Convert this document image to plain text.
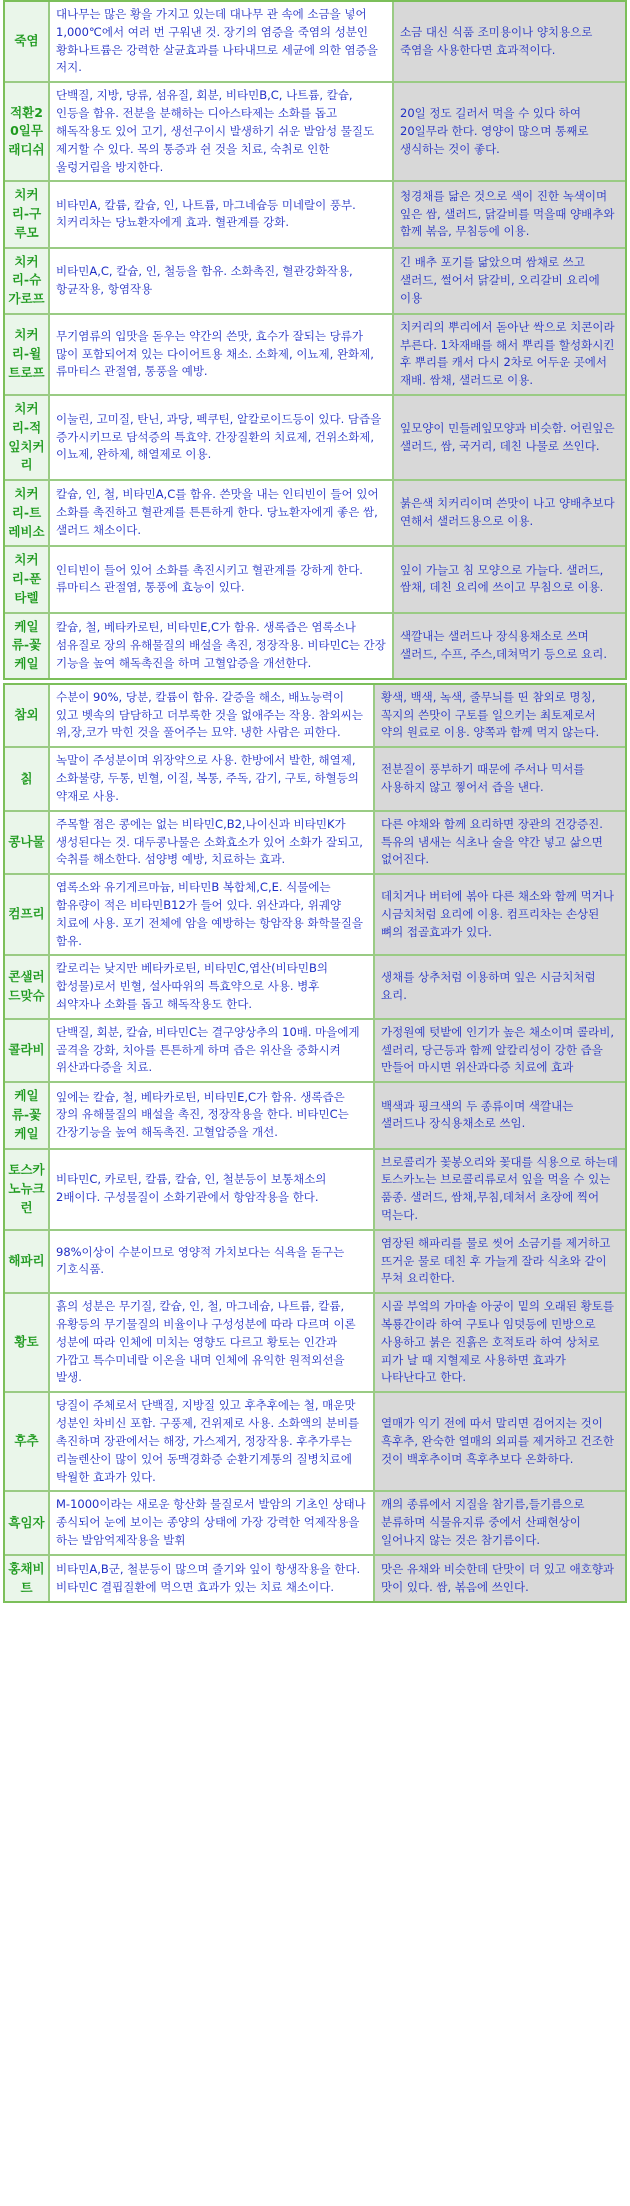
죽염	대나무는 많은 황을 가지고 있는데 대나무 관 속에 소금을 넣어 1,000℃에서 여러 번 구워낸 것. 장기의 염증을 죽염의 성분인 황화나트륨은 강력한 살균효과를 나타내므로 세균에 의한 염증을 저지.	소금 대신 식품 조미용이나 양치용으로 죽염을 사용한다면 효과적이다.
적환20일무 래디쉬	단백질, 지방, 당류, 섬유질, 회분, 비타민B,C, 나트륨, 칼슘, 인등을 함유. 전분을 분해하는 디아스타제는 소화를 돕고 해독작용도 있어 고기, 생선구이시 발생하기 쉬운 발암성 물질도 제거할 수 있다. 목의 통증과 쉰 것을 치료, 숙취로 인한 울렁거림을 방지한다.	20일 정도 길러서 먹을 수 있다 하여 20일무라 한다. 영양이 많으며 통째로 생식하는 것이 좋다.
치커리-구루모	비타민A, 칼륨, 칼슘, 인, 나트륨, 마그네슘등 미네랄이 풍부. 치커리차는 당뇨환자에게 효과. 혈관계를 강화.	청경채를 닮은 것으로 색이 진한 녹색이며 잎은 쌈, 샐러드, 닭갈비를 먹을때 양배추와 함께 볶음, 무침등에 이용.
치커리-슈가로프	비타민A,C, 칼슘, 인, 철등을 함유. 소화촉진, 혈관강화작용, 항균작용, 항염작용	긴 배추 포기를 닮았으며 쌈채로 쓰고 샐러드, 썰어서 닭갈비, 오리갈비 요리에 이용
치커리-윌트로프	무기염류의 입맛을 돋우는 약간의 쓴맛, 효수가 잘되는 당류가 많이 포함되어져 있는 다이어트용 채소. 소화제, 이뇨제, 완화제, 류마티스 관절염, 통풍을 예방.	치커리의 뿌리에서 돋아난 싹으로 치콘이라 부른다. 1차재배를 해서 뿌리를 할성화시킨 후 뿌리를 캐서 다시 2차로 어두운 곳에서 재배. 쌈채, 샐러드로 이용.
치커리-적잎치커리	이눌린, 고미질, 탄닌, 과당, 펙쿠틴, 알칼로이드등이 있다. 담즙을 증가시키므로 담석증의 특효약. 간장질환의 치료제, 건위소화제, 이뇨제, 완하제, 해열제로 이용.	잎모양이 민들레잎모양과 비슷함. 어린잎은 샐러드, 쌈, 국거리, 데친 나물로 쓰인다.
치커리-트레비소	칼슘, 인, 철, 비타민A,C를 함유. 쓴맛을 내는 인티빈이 들어 있어 소화를 촉진하고 혈관계를 튼튼하게 한다. 당뇨환자에게 좋은 쌈, 샐러드 채소이다.	붉은색 치커리이며 쓴맛이 나고 양배추보다 연해서 샐러드용으로 이용.
치커리-푼타렐	인티빈이 들어 있어 소화를 촉진시키고 혈관계를 강하게 한다. 류마티스 관절염, 통풍에 효능이 있다.	잎이 가늘고 침 모양으로 가늘다. 샐러드, 쌈채, 데친 요리에 쓰이고 무침으로 이용.
케일류-꽃케일	칼슘, 철, 베타카로틴, 비타민E,C가 함유. 생록즙은 염록소나 섬유질로 장의 유해물질의 배설을 촉진, 정장작용. 비타민C는 간장 기능을 높여 해독촉진을 하며 고혈압증을 개선한다.	색깔내는 샐러드나 장식용채소로 쓰며 샐러드, 수프, 주스,데쳐먹기 등으로 요리.
참외	수분이 90%, 당분, 칼륨이 함유. 갈증을 해소, 배뇨능력이 있고 벳속의 담담하고 더부룩한 것을 없애주는 작용. 참외씨는 위,장,코가 막힌 것을 풀어주는 묘약. 냉한 사람은 피한다.	황색, 백색, 녹색, 줄무늬를 띤 참외로 명칭, 꼭지의 쓴맛이 구토를 일으키는 최토제로서 약의 원료로 이용. 양쪽과 함께 먹지 않는다.
칡	녹말이 주성분이며 위장약으로 사용. 한방에서 발한, 해열제, 소화불량, 두통, 빈혈, 이질, 복통, 주독, 감기, 구토, 하혈등의 약재로 사용.	전분질이 풍부하기 때문에 주서나 믹서를 사용하지 않고 찧어서 즙을 낸다.
콩나물	주목할 점은 콩에는 없는 비타민C,B2,나이신과 비타민K가 생성된다는 것. 대두콩나물은 소화효소가 있어 소화가 잘되고, 숙취를 해소한다. 섬양병 예방, 치료하는 효과.	다른 야채와 함께 요리하면 장관의 건강증진. 특유의 냄새는 식초나 술을 약간 넣고 삶으면 없어진다.
컴프리	엽록소와 유기게르마늄, 비타민B 복합체,C,E. 식물에는 함유량이 적은 비타민B12가 들어 있다. 위산과다, 위궤양 치료에 사용. 포기 전체에 암을 예방하는 항암작용 화학물질을 함유.	데치거나 버터에 볶아 다른 채소와 함께 먹거나 시금치처럼 요리에 이용. 컴프리차는 손상된 뼈의 접골효과가 있다.
콘샐러드맞슈	칼로리는 낮지만 베타카로틴, 비타민C,엽산(비타민B의 합성물)로서 빈혈, 설사따위의 특효약으로 사용. 병후 쇠약자나 소화를 돕고 해독작용도 한다.	생채를 상추처럼 이용하며 잎은 시금치처럼 요리.
콜라비	단백질, 회분, 칼슘, 비타민C는 결구양상추의 10배. 마을에게 골격을 강화, 치아를 튼튼하게 하며 즙은 위산을 중화시켜 위산과다증을 치료.	가정원예 텃밭에 인기가 높은 채소이며 콜라비, 셀러리, 당근등과 함께 알칼리성이 강한 즙을 만들어 마시면 위산과다증 치료에 효과
케일류-꽃케일	잎에는 칼슘, 철, 베타카로틴, 비타민E,C가 함유. 생록즙은 장의 유해물질의 배설을 촉진, 정장작용을 한다. 비타민C는 간장기능을 높여 해독촉진. 고혈압증을 개선.	백색과 핑크색의 두 종류이며 색깔내는 샐러드나 장식용채소로 쓰임.
토스카노뉴크런	비타민C, 카로틴, 칼륨, 칼슘, 인, 철분등이 보통채소의 2배이다. 구성물질이 소화기관에서 항암작용을 한다.	브로콜리가 꽃봉오리와 꽃대를 식용으로 하는데 토스카노는 브로콜리류로서 잎을 먹을 수 있는 품종. 샐러드, 쌈채,무침,데쳐서 초장에 찍어 먹는다.
해파리	98%이상이 수분이므로 영양적 가치보다는 식욕을 돋구는 기호식품.	염장된 해파리를 물로 씻어 소금기를 제거하고 뜨거운 물로 데친 후 가늘게 잘라 식초와 같이 무쳐 요리한다.
황토	흙의 성분은 무기질, 칼슘, 인, 철, 마그네슘, 나트륨, 칼륨, 유황등의 무기물질의 비율이나 구성성분에 따라 다르며 이론 성분에 따라 인체에 미치는 영향도 다르고 황토는 인간과 가깝고 특수미네랄 이온을 내며 인체에 유익한 원적외선을 발생.	시골 부엌의 가마솥 아궁이 밑의 오래된 황토를 복룡간이라 하여 구토나 임덧등에 민방으로 사용하고 붉은 진흙은 호적토라 하여 상처로 피가 날 때 지혈제로 사용하면 효과가 나타난다고 한다.
후추	당질이 주체로서 단백질, 지방질 있고 후추후에는 철, 매운맛 성분인 차비신 포함. 구풍제, 건위제로 사용. 소화액의 분비를 촉진하며 장관에서는 해장, 가스제거, 정장작용. 후추가루는 리놀렌산이 많이 있어 동맥경화증 순환기계통의 질병치료에 탁월한 효과가 있다.	열매가 익기 전에 따서 말리면 검어지는 것이 흑후추, 완숙한 열매의 외피를 제거하고 건조한 것이 백후추이며 흑후추보다 온화하다.
흑임자	M-1000이라는 새로운 항산화 물질로서 발암의 기초인 상태나 종식되어 눈에 보이는 종양의 상태에 가장 강력한 억제작용을 하는 발암억제작용을 발휘	깨의 종류에서 지질을 참기름,들기름으로 분류하며 식물유지류 중에서 산패현상이 일어나지 않는 것은 참기름이다.
홍채비트	비타민A,B군, 철분등이 많으며 줄기와 잎이 항생작용을 한다. 비타민C 결핍질환에 먹으면 효과가 있는 치료 채소이다.	맛은 유채와 비슷한데 단맛이 더 있고 애호향과 맛이 있다. 쌈, 볶음에 쓰인다.
